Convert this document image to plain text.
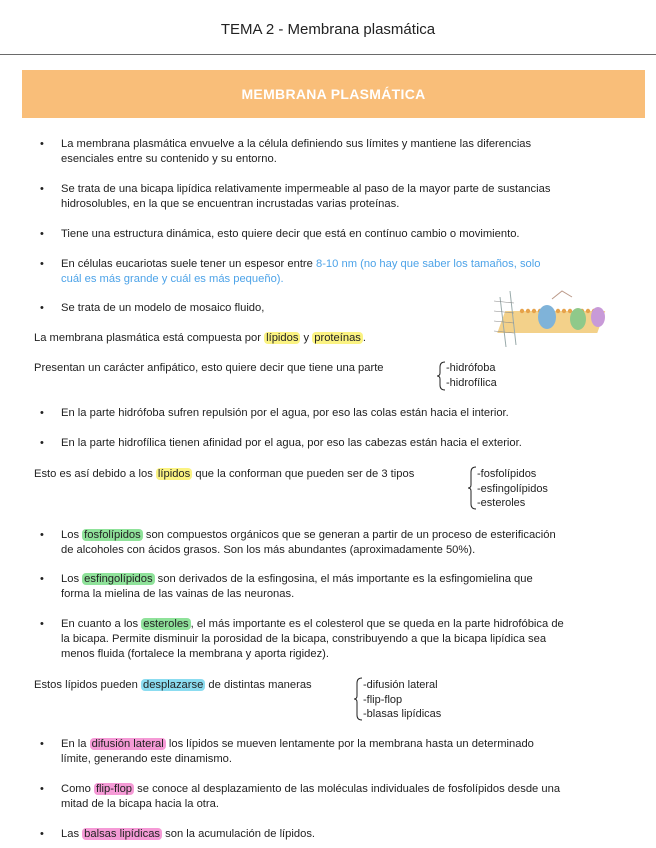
TEMA 2 - Membrana plasmática
MEMBRANA PLASMÁTICA
• La membrana plasmática envuelve a la célula definiendo sus límites y mantiene las diferencias
esenciales entre su contenido y su entorno.
• Se trata de una bicapa lipídica relativamente impermeable al paso de la mayor parte de sustancias
hidrosolubles, en la que se encuentran incrustadas varias proteínas.
• Tiene una estructura dinámica, esto quiere decir que está en contínuo cambio o movimiento.
• En células eucariotas suele tener un espesor entre 8-10 nm (no hay que saber los tamaños, solo
cuál es más grande y cuál es más pequeño).
• Se trata de un modelo de mosaico fluido,
La membrana plasmática está compuesta por lípidos y proteínas .
Presentan un carácter anfipático, esto quiere decir que tiene una parte	-hidrófoba
-hidrofílica
• En la parte hidrófoba sufren repulsión por el agua, por eso las colas están hacia el interior.
• En la parte hidrofílica tienen afinidad por el agua, por eso las cabezas están hacia el exterior.
Esto es así debido a los lípidos que la conforman que pueden ser de 3 tipos	-fosfolípidos
-esfingolípidos
-esteroles
• Los fosfolípidos son compuestos orgánicos que se generan a partir de un proceso de esterificación
de alcoholes con ácidos grasos. Son los más abundantes (aproximadamente 50%).
• Los esfingolípidos son derivados de la esfingosina, el más importante es la esfingomielina que
forma la mielina de las vainas de las neuronas.
• En cuanto a los esteroles , el más importante es el colesterol que se queda en la parte hidrofóbica de
la bicapa. Permite disminuir la porosidad de la bicapa, constribuyendo a que la bicapa lipídica sea
menos fluida (fortalece la membrana y aporta rigidez).
Estos lípidos pueden desplazarse de distintas maneras	-difusión lateral
-flip-flop
-blasas lipídicas
• En la difusión lateral los lípidos se mueven lentamente por la membrana hasta un determinado
límite, generando este dinamismo.
• Como flip-flop se conoce al desplazamiento de las moléculas individuales de fosfolípidos desde una
mitad de la bicapa hacia la otra.
• Las balsas lipídicas son la acumulación de lípidos.
